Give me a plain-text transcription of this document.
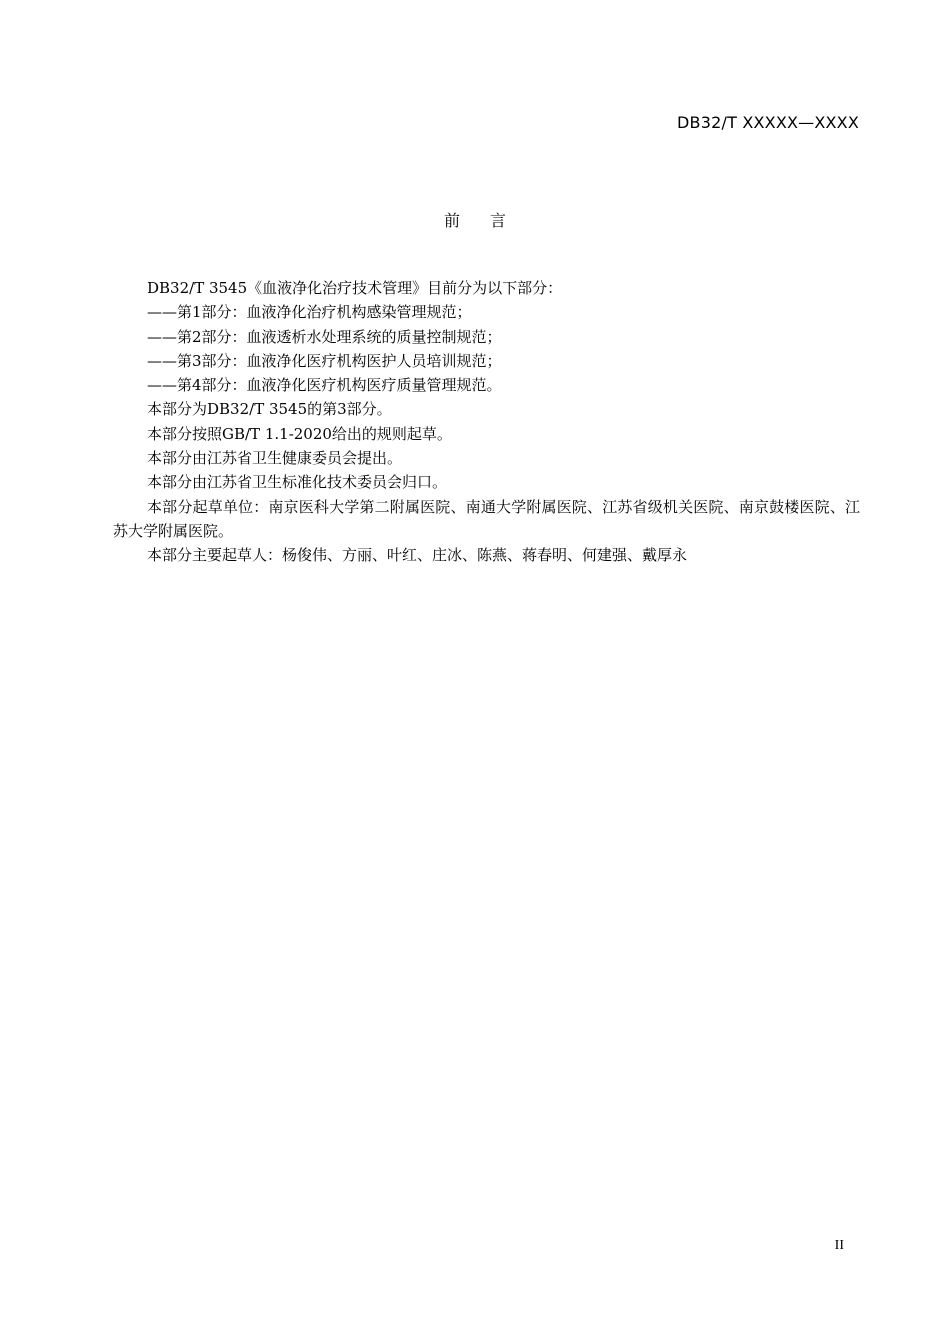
DB32/T XXXXX—XXXX
前言

DB32/T 3545《血液净化治疗技术管理》目前分为以下部分：

——第1部分：血液净化治疗机构感染管理规范；

——第2部分：血液透析水处理系统的质量控制规范；

——第3部分：血液净化医疗机构医护人员培训规范；

——第4部分：血液净化医疗机构医疗质量管理规范。

本部分为DB32/T 3545的第3部分。

本部分按照GB/T 1.1-2020给出的规则起草。

本部分由江苏省卫生健康委员会提出。

本部分由江苏省卫生标准化技术委员会归口。

本部分起草单位：南京医科大学第二附属医院、南通大学附属医院、江苏省级机关医院、南京鼓楼医院、江苏大学附属医院。

本部分主要起草人：杨俊伟、方丽、叶红、庄冰、陈燕、蒋春明、何建强、戴厚永

II
